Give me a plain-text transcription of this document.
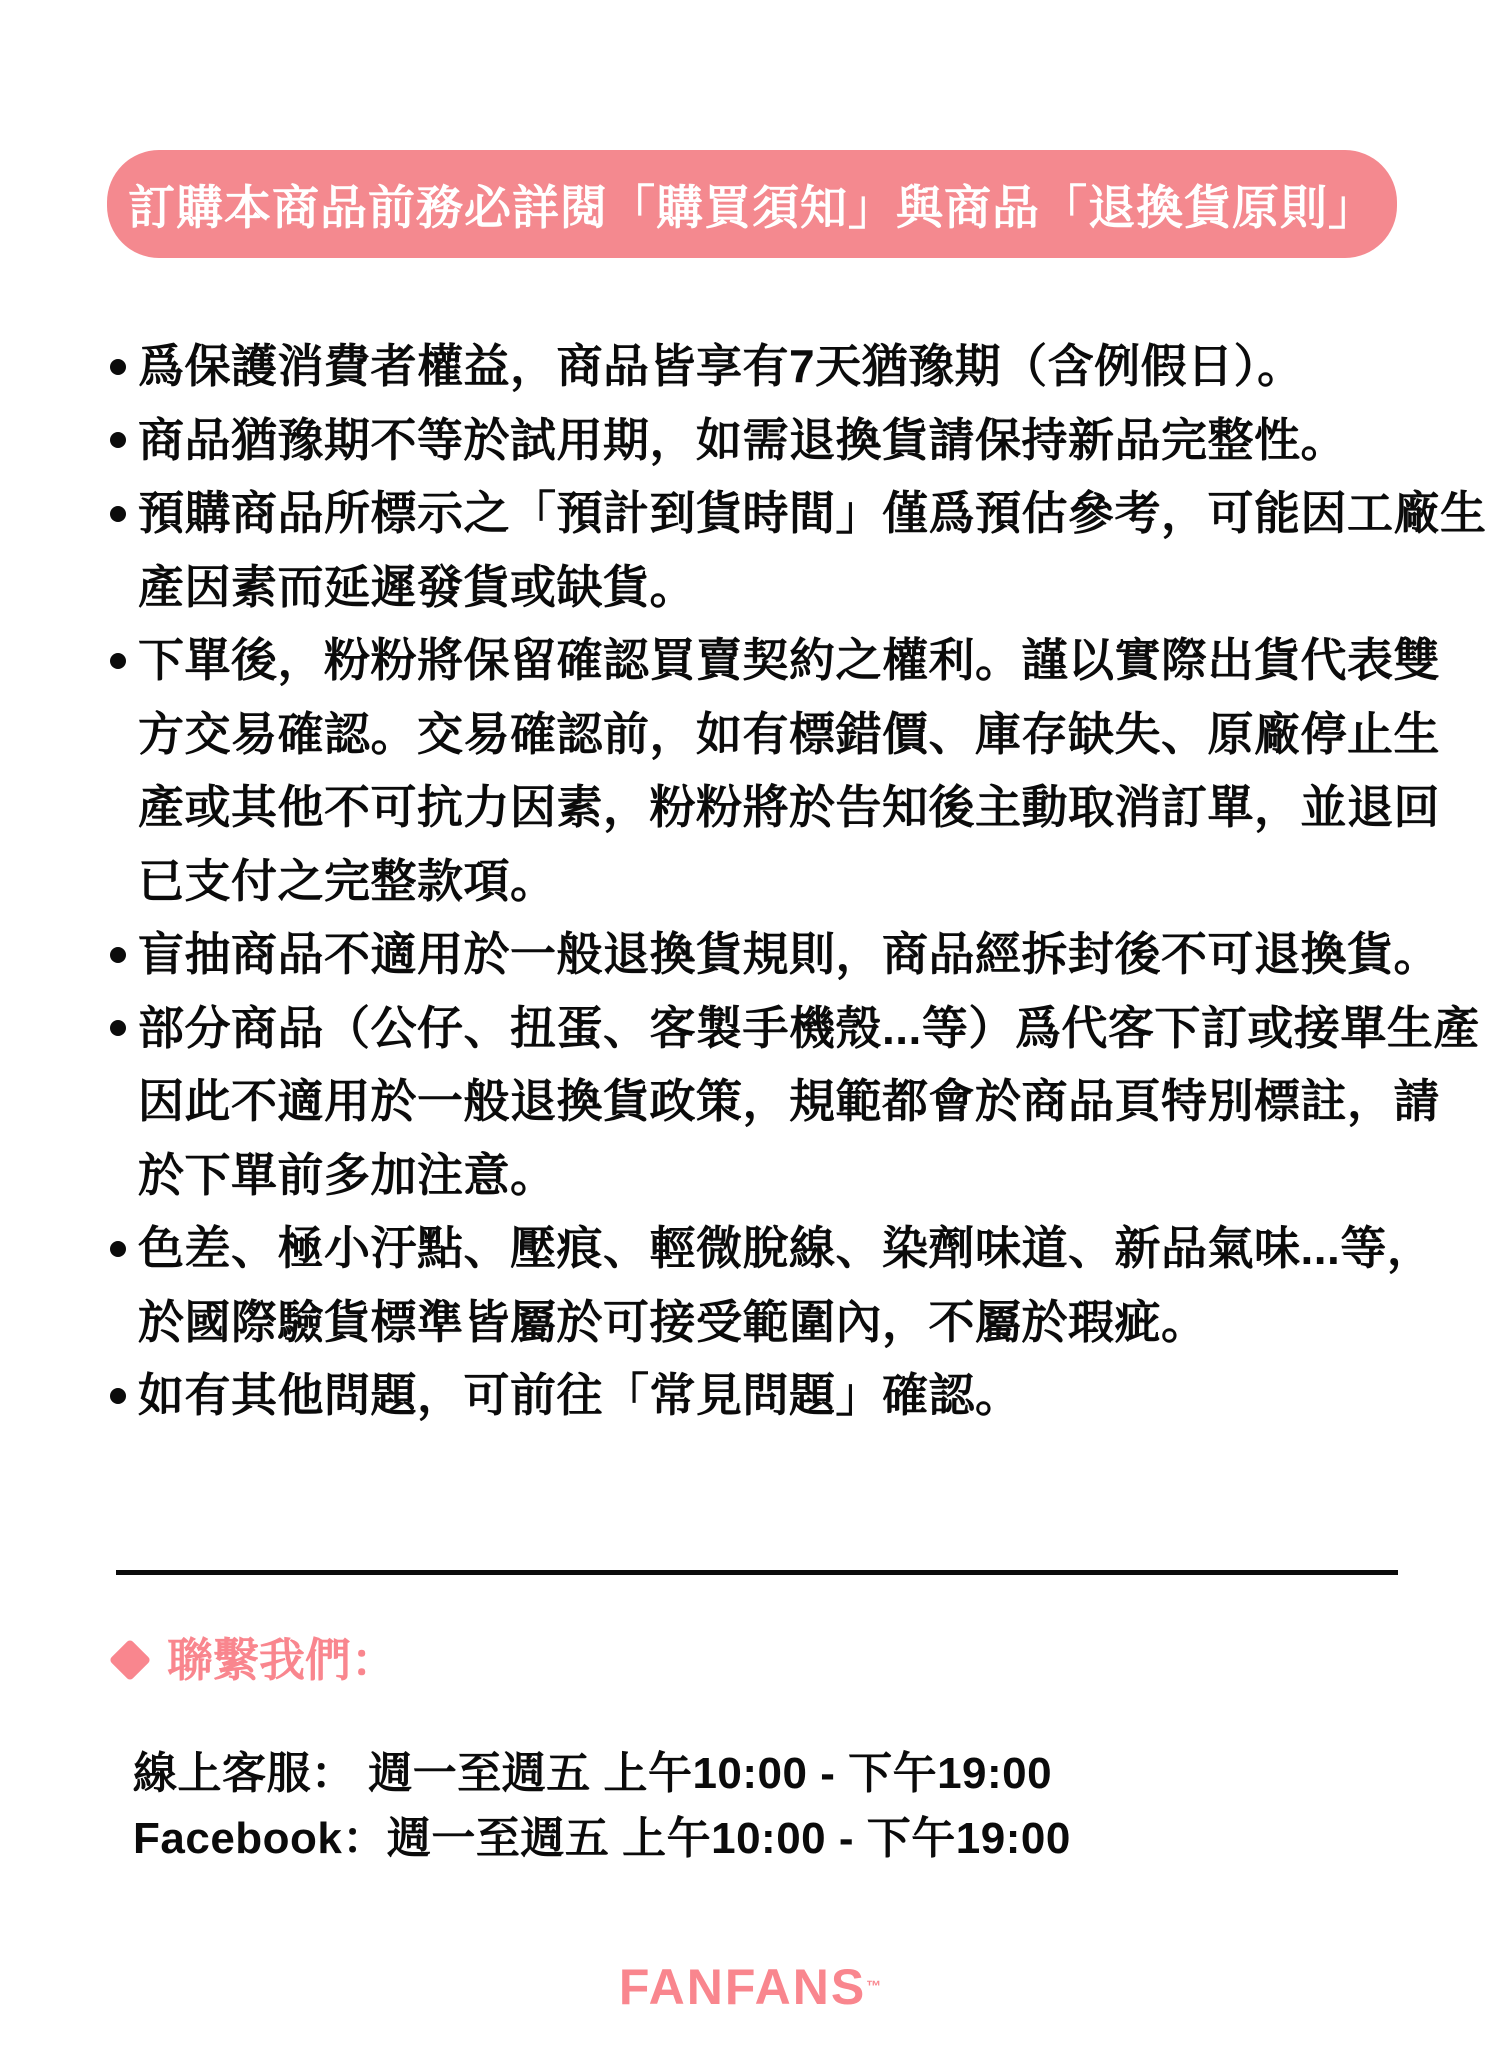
訂購本商品前務必詳閱「購買須知」與商品「退換貨原則」
爲保護消費者權益，商品皆享有7天猶豫期（含例假日）。
商品猶豫期不等於試用期，如需退換貨請保持新品完整性。
預購商品所標示之「預計到貨時間」僅爲預估參考，可能因工廠生
產因素而延遲發貨或缺貨。
下單後，粉粉將保留確認買賣契約之權利。謹以實際出貨代表雙
方交易確認。交易確認前，如有標錯價、庫存缺失、原廠停止生
產或其他不可抗力因素，粉粉將於告知後主動取消訂單，並退回
已支付之完整款項。
盲抽商品不適用於一般退換貨規則，商品經拆封後不可退換貨。
部分商品（公仔、扭蛋、客製手機殼...等）爲代客下訂或接單生產
因此不適用於一般退換貨政策，規範都會於商品頁特別標註，請
於下單前多加注意。
色差、極小汙點、壓痕、輕微脫線、染劑味道、新品氣味...等，
於國際驗貨標準皆屬於可接受範圍內，不屬於瑕疵。
如有其他問題，可前往「常見問題」確認。
聯繫我們：
線上客服： 週一至週五 上午10:00 - 下午19:00
Facebook：週一至週五 上午10:00 - 下午19:00
FANFANS™
